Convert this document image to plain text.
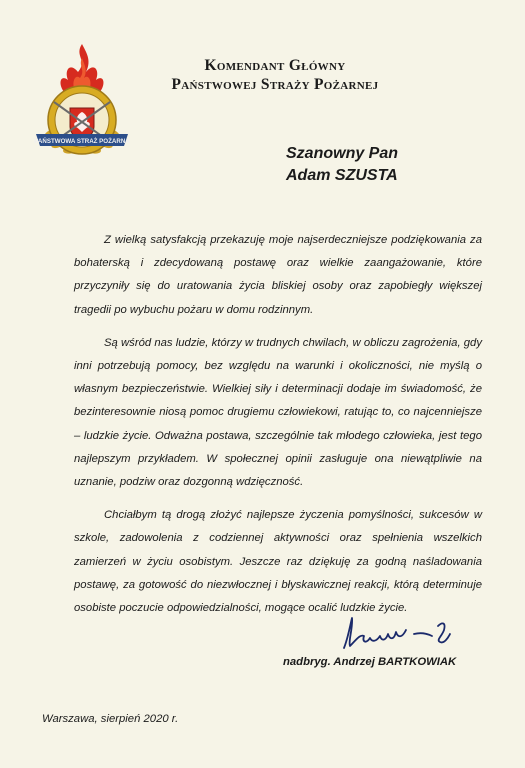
PAŃSTWOWA STRAŻ POŻARNA
Komendant Główny
Państwowej Straży Pożarnej
Szanowny Pan
Adam SZUSTA

Z wielką satysfakcją przekazuję moje najserdeczniejsze podziękowania za bohaterską i zdecydowaną postawę oraz wielkie zaangażowanie, które przyczyniły się do uratowania życia bliskiej osoby oraz zapobiegły większej tragedii po wybuchu pożaru w domu rodzinnym.

Są wśród nas ludzie, którzy w trudnych chwilach, w obliczu zagrożenia, gdy inni potrzebują pomocy, bez względu na warunki i okoliczności, nie myślą o własnym bezpieczeństwie. Wielkiej siły i determinacji dodaje im świadomość, że bezinteresownie niosą pomoc drugiemu człowiekowi, ratując to, co najcenniejsze – ludzkie życie. Odważna postawa, szczególnie tak młodego człowieka, jest tego najlepszym przykładem. W społecznej opinii zasługuje ona niewątpliwie na uznanie, podziw oraz dozgonną wdzięczność.

Chciałbym tą drogą złożyć najlepsze życzenia pomyślności, sukcesów w szkole, zadowolenia z codziennej aktywności oraz spełnienia wszelkich zamierzeń w życiu osobistym. Jeszcze raz dziękuję za godną naśladowania postawę, za gotowość do niezwłocznej i błyskawicznej reakcji, którą determinuje osobiste poczucie odpowiedzialności, mogące ocalić ludzkie życie.

nadbryg. Andrzej BARTKOWIAK
Warszawa, sierpień 2020 r.
